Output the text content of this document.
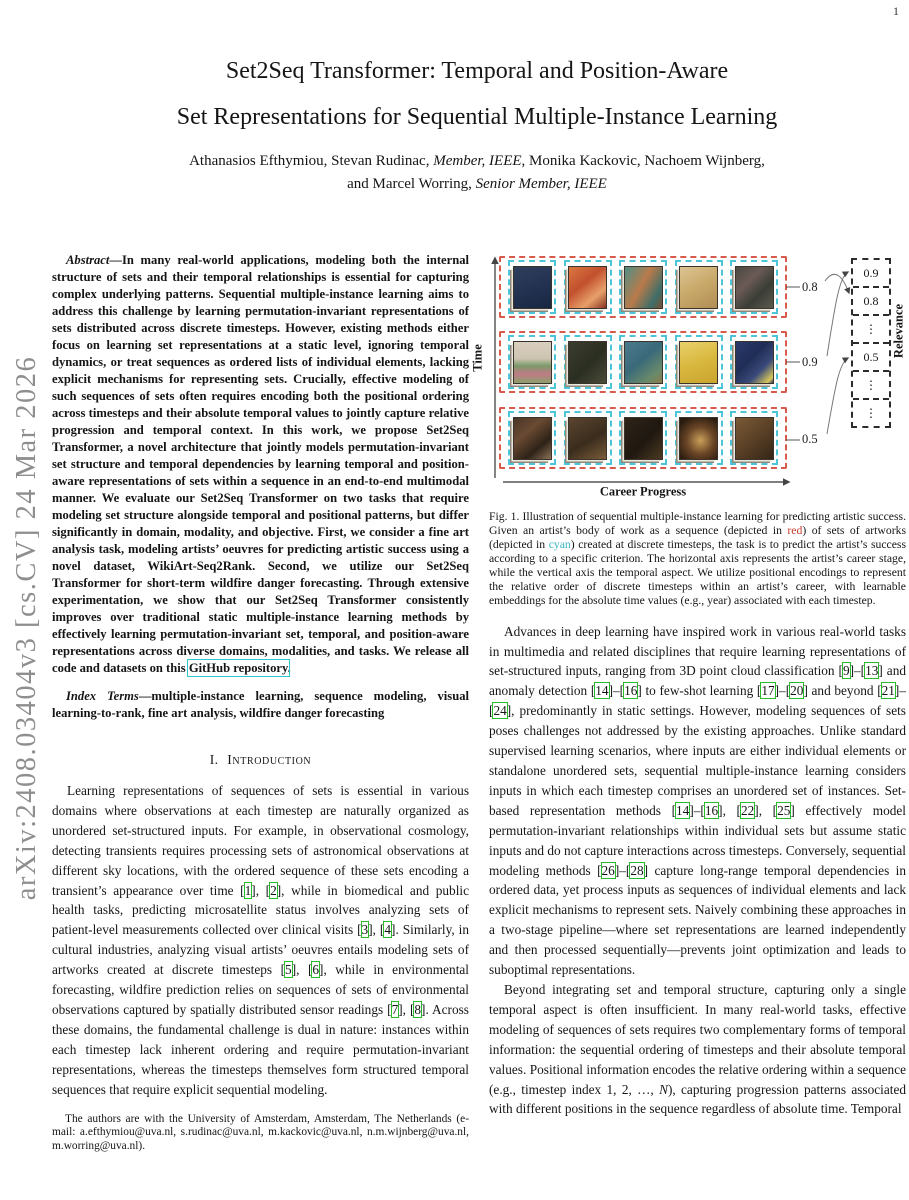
1
arXiv:2408.03404v3 [cs.CV] 24 Mar 2026
Set2Seq Transformer: Temporal and Position-Aware
Set Representations for Sequential Multiple-Instance Learning
Athanasios Efthymiou, Stevan Rudinac, Member, IEEE, Monika Kackovic, Nachoem Wijnberg,
and Marcel Worring, Senior Member, IEEE

Abstract—In many real-world applications, modeling both the internal structure of sets and their temporal relationships is essential for capturing complex underlying patterns. Sequential multiple-instance learning aims to address this challenge by learning permutation-invariant representations of sets distributed across discrete timesteps. However, existing methods either focus on learning set representations at a static level, ignoring temporal dynamics, or treat sequences as ordered lists of individual elements, lacking explicit mechanisms for representing sets. Crucially, effective modeling of such sequences of sets often requires encoding both the positional ordering across timesteps and their absolute temporal values to jointly capture relative progression and temporal context. In this work, we propose Set2Seq Transformer, a novel architecture that jointly models permutation-invariant set structure and temporal dependencies by learning temporal and position-aware representations of sets within a sequence in an end-to-end multimodal manner. We evaluate our Set2Seq Transformer on two tasks that require modeling set structure alongside temporal and positional patterns, but differ significantly in domain, modality, and objective. First, we consider a fine art analysis task, modeling artists’ oeuvres for predicting artistic success using a novel dataset, WikiArt-Seq2Rank. Second, we utilize our Set2Seq Transformer for short-term wildfire danger forecasting. Through extensive experimentation, we show that our Set2Seq Transformer consistently improves over traditional static multiple-instance learning methods by effectively learning permutation-invariant set, temporal, and position-aware representations across diverse domains, modalities, and tasks. We release all code and datasets on this GitHub repository.

Index Terms—multiple-instance learning, sequence modeling, visual learning-to-rank, fine art analysis, wildfire danger forecasting

I. Introduction

Learning representations of sequences of sets is essential in various domains where observations at each timestep are naturally organized as unordered set-structured inputs. For example, in observational cosmology, detecting transients requires processing sets of astronomical observations at different sky locations, with the ordered sequence of these sets encoding a transient’s appearance over time [1], [2], while in biomedical and public health tasks, predicting microsatellite status involves analyzing sets of patient-level measurements collected over clinical visits [3], [4]. Similarly, in cultural industries, analyzing visual artists’ oeuvres entails modeling sets of artworks created at discrete timesteps [5], [6], while in environmental forecasting, wildfire prediction relies on sequences of sets of environmental observations captured by spatially distributed sensor readings [7], [8]. Across these domains, the fundamental challenge is dual in nature: instances within each timestep lack inherent ordering and require permutation-invariant representations, whereas the timesteps themselves form structured temporal sequences that require explicit sequential modeling.

The authors are with the University of Amsterdam, Amsterdam, The Netherlands (e-mail: a.efthymiou@uva.nl, s.rudinac@uva.nl, m.kackovic@uva.nl, n.m.wijnberg@uva.nl, m.worring@uva.nl).

Time
0.8
0.9
0.5
0.9
0.8
⋮
0.5
⋮
⋮
Relevance
Career Progress

Fig. 1. Illustration of sequential multiple-instance learning for predicting artistic success. Given an artist’s body of work as a sequence (depicted in red) of sets of artworks (depicted in cyan) created at discrete timesteps, the task is to predict the artist’s success according to a specific criterion. The horizontal axis represents the artist’s career stage, while the vertical axis the temporal aspect. We utilize positional encodings to represent the relative order of discrete timesteps within an artist’s career, with learnable embeddings for the absolute time values (e.g., year) associated with each timestep.

Advances in deep learning have inspired work in various real-world tasks in multimedia and related disciplines that require learning representations of set-structured inputs, ranging from 3D point cloud classification [9]–[13] and anomaly detection [14]–[16] to few-shot learning [17]–[20] and beyond [21]–[24], predominantly in static settings. However, modeling sequences of sets poses challenges not addressed by the existing approaches. Unlike standard supervised learning scenarios, where inputs are either individual elements or standalone unordered sets, sequential multiple-instance learning considers inputs in which each timestep comprises an unordered set of instances. Set-based representation methods [14]–[16], [22], [25] effectively model permutation-invariant relationships within individual sets but assume static inputs and do not capture interactions across timesteps. Conversely, sequential modeling methods [26]–[28] capture long-range temporal dependencies in ordered data, yet process inputs as sequences of individual elements and lack explicit mechanisms to represent sets. Naively combining these approaches in a two-stage pipeline—where set representations are learned independently and then processed sequentially—prevents joint optimization and leads to suboptimal representations.

Beyond integrating set and temporal structure, capturing only a single temporal aspect is often insufficient. In many real-world tasks, effective modeling of sequences of sets requires two complementary forms of temporal information: the sequential ordering of timesteps and their absolute temporal values. Positional information encodes the relative ordering within a sequence (e.g., timestep index 1, 2, …, N), capturing progression patterns associated with different positions in the sequence regardless of absolute time. Temporal
